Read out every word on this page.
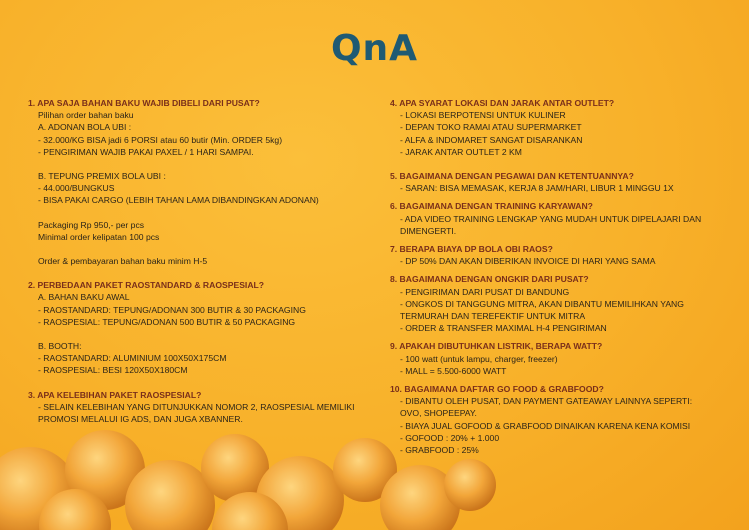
QnA
1. APA SAJA BAHAN BAKU WAJIB DIBELI DARI PUSAT?
Pilihan order bahan baku
A. ADONAN BOLA UBI :
- 32.000/KG BISA jadi 6 PORSI atau 60 butir (Min. ORDER 5kg)
- PENGIRIMAN WAJIB PAKAI PAXEL / 1 HARI SAMPAI.
B. TEPUNG PREMIX BOLA UBI :
- 44.000/BUNGKUS
- BISA PAKAI CARGO (LEBIH TAHAN LAMA DIBANDINGKAN ADONAN)
Packaging Rp 950,- per pcs
Minimal order kelipatan 100 pcs
Order & pembayaran bahan baku minim H-5
2. PERBEDAAN PAKET RAOSTANDARD & RAOSPESIAL?
A. BAHAN BAKU AWAL
- RAOSTANDARD: TEPUNG/ADONAN 300 BUTIR & 30 PACKAGING
- RAOSPESIAL: TEPUNG/ADONAN 500 BUTIR & 50 PACKAGING
B. BOOTH:
- RAOSTANDARD: ALUMINIUM 100X50X175CM
- RAOSPESIAL: BESI 120X50X180CM
3. APA KELEBIHAN PAKET RAOSPESIAL?
- SELAIN KELEBIHAN YANG DITUNJUKKAN NOMOR 2, RAOSPESIAL MEMILIKI
PROMOSI MELALUI IG ADS, DAN JUGA XBANNER.
4. APA SYARAT LOKASI DAN JARAK ANTAR OUTLET?
- LOKASI BERPOTENSI UNTUK KULINER
- DEPAN TOKO RAMAI ATAU SUPERMARKET
- ALFA & INDOMARET SANGAT DISARANKAN
- JARAK ANTAR OUTLET 2 KM
5. BAGAIMANA DENGAN PEGAWAI DAN KETENTUANNYA?
- SARAN: BISA MEMASAK, KERJA 8 JAM/HARI, LIBUR 1 MINGGU 1X
6. BAGAIMANA DENGAN TRAINING KARYAWAN?
- ADA VIDEO TRAINING LENGKAP YANG MUDAH UNTUK DIPELAJARI DAN
DIMENGERTI.
7. BERAPA BIAYA DP BOLA OBI RAOS?
- DP 50% DAN AKAN DIBERIKAN INVOICE DI HARI YANG SAMA
8. BAGAIMANA DENGAN ONGKIR DARI PUSAT?
- PENGIRIMAN DARI PUSAT DI BANDUNG
- ONGKOS DI TANGGUNG MITRA, AKAN DIBANTU MEMILIHKAN YANG
TERMURAH DAN TEREFEKTIF UNTUK MITRA
- ORDER & TRANSFER MAXIMAL H-4 PENGIRIMAN
9. APAKAH DIBUTUHKAN LISTRIK, BERAPA WATT?
- 100 watt (untuk lampu, charger, freezer)
- MALL = 5.500-6000 WATT
10. BAGAIMANA DAFTAR GO FOOD & GRABFOOD?
- DIBANTU OLEH PUSAT, DAN PAYMENT GATEAWAY LAINNYA SEPERTI:
OVO, SHOPEEPAY.
- BIAYA JUAL GOFOOD & GRABFOOD DINAIKAN KARENA KENA KOMISI
- GOFOOD : 20% + 1.000
- GRABFOOD : 25%
